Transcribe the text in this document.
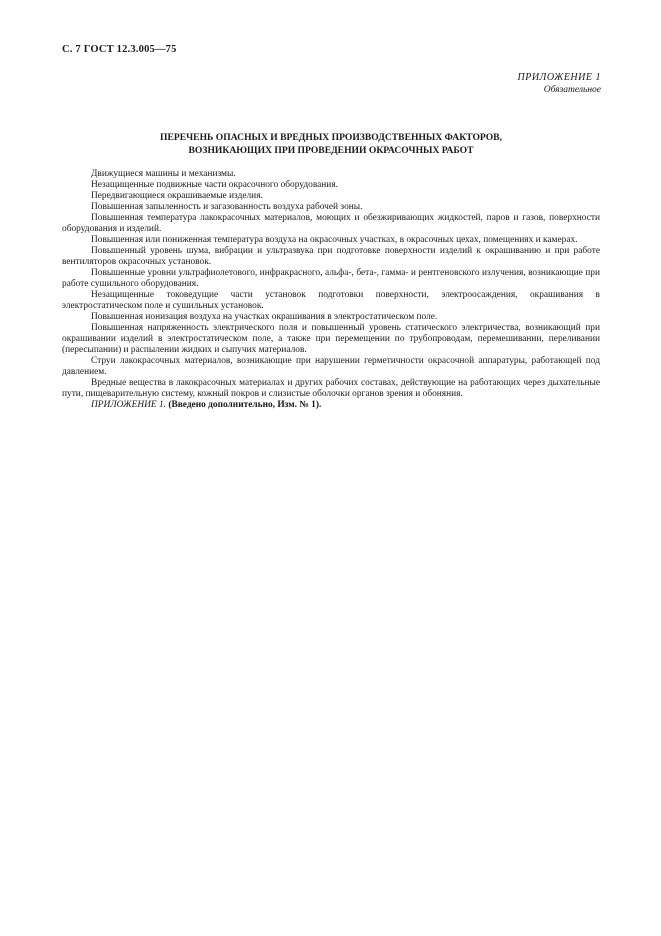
С. 7 ГОСТ 12.3.005—75
ПРИЛОЖЕНИЕ 1
Обязательное
ПЕРЕЧЕНЬ ОПАСНЫХ И ВРЕДНЫХ ПРОИЗВОДСТВЕННЫХ ФАКТОРОВ,
ВОЗНИКАЮЩИХ ПРИ ПРОВЕДЕНИИ ОКРАСОЧНЫХ РАБОТ
Движущиеся машины и механизмы.
Незащищенные подвижные части окрасочного оборудования.
Передвигающиеся окрашиваемые изделия.
Повышенная запыленность и загазованность воздуха рабочей зоны.
Повышенная температура лакокрасочных материалов, моющих и обезжиривающих жидкостей, паров и газов, поверхности оборудования и изделий.
Повышенная или пониженная температура воздуха на окрасочных участках, в окрасочных цехах, помещениях и камерах.
Повышенный уровень шума, вибрации и ультразвука при подготовке поверхности изделий к окрашиванию и при работе вентиляторов окрасочных установок.
Повышенные уровни ультрафиолетового, инфракрасного, альфа-, бета-, гамма- и рентгеновского излучения, возникающие при работе сушильного оборудования.
Незащищенные токоведущие части установок подготовки поверхности, электроосаждения, окрашивания в электростатическом поле и сушильных установок.
Повышенная ионизация воздуха на участках окрашивания в электростатическом поле.
Повышенная напряженность электрического поля и повышенный уровень статического электричества, возникающий при окрашивании изделий в электростатическом поле, а также при перемещении по трубопроводам, перемешивании, переливании (пересыпании) и распылении жидких и сыпучих материалов.
Струи лакокрасочных материалов, возникающие при нарушении герметичности окрасочной аппаратуры, работающей под давлением.
Вредные вещества в лакокрасочных материалах и других рабочих составах, действующие на работающих через дыхательные пути, пищеварительную систему, кожный покров и слизистые оболочки органов зрения и обоняния.
ПРИЛОЖЕНИЕ 1. (Введено дополнительно, Изм. № 1).
